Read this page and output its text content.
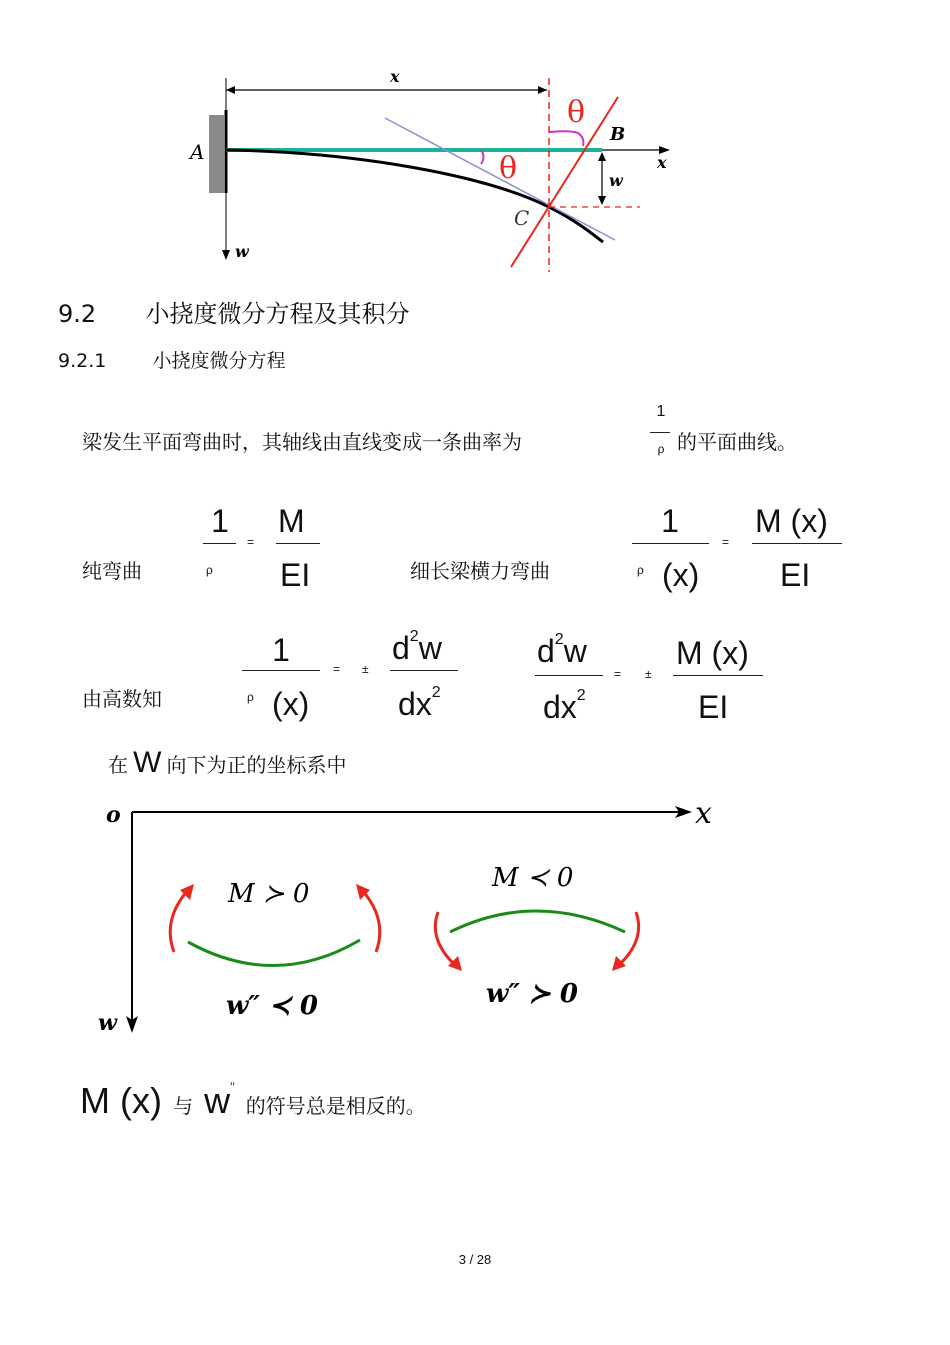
x
A
w
x
B
θ
θ
C
w
9.2 小挠度微分方程及其积分
9.2.1 小挠度微分方程
梁发生平面弯曲时，其轴线由直线变成一条曲率为
1
ρ 的平面曲线。
纯弯曲
1
ρ
=
M
EI	细长梁横力弯曲
1
ρ (x)
=
M (x)
EI
由高数知
1
ρ (x)
= ±
d2w
dx2
d2w
dx2
= ±
M (x)
EI
在 W 向下为正的坐标系中
o	x
w
M ≻ 0
w″ ≺ 0
M ≺ 0
w″ ≻ 0
M (x) 与 w′′ 的符号总是相反的。
3 / 28
